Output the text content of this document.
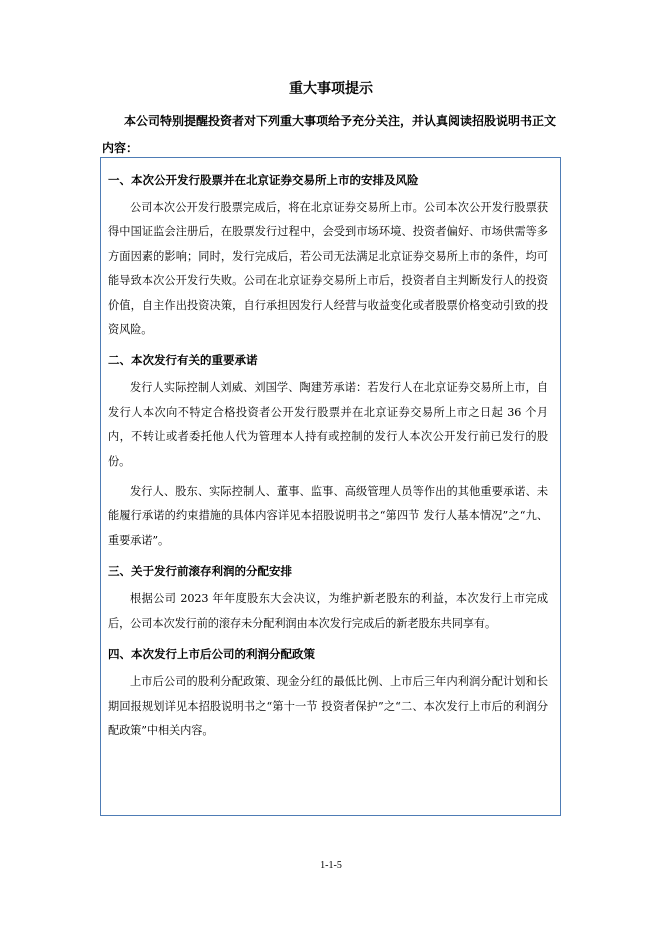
重大事项提示
本公司特别提醒投资者对下列重大事项给予充分关注，并认真阅读招股说明书正文内容：
一、本次公开发行股票并在北京证券交易所上市的安排及风险

公司本次公开发行股票完成后，将在北京证券交易所上市。公司本次公开发行股票获得中国证监会注册后，在股票发行过程中，会受到市场环境、投资者偏好、市场供需等多方面因素的影响；同时，发行完成后，若公司无法满足北京证券交易所上市的条件，均可能导致本次公开发行失败。公司在北京证券交易所上市后，投资者自主判断发行人的投资价值，自主作出投资决策，自行承担因发行人经营与收益变化或者股票价格变动引致的投资风险。

二、本次发行有关的重要承诺

发行人实际控制人刘威、刘国学、陶建芳承诺：若发行人在北京证券交易所上市，自发行人本次向不特定合格投资者公开发行股票并在北京证券交易所上市之日起 36 个月内，不转让或者委托他人代为管理本人持有或控制的发行人本次公开发行前已发行的股份。

发行人、股东、实际控制人、董事、监事、高级管理人员等作出的其他重要承诺、未能履行承诺的约束措施的具体内容详见本招股说明书之“第四节 发行人基本情况”之“九、重要承诺”。

三、关于发行前滚存利润的分配安排

根据公司 2023 年年度股东大会决议，为维护新老股东的利益，本次发行上市完成后，公司本次发行前的滚存未分配利润由本次发行完成后的新老股东共同享有。

四、本次发行上市后公司的利润分配政策

上市后公司的股利分配政策、现金分红的最低比例、上市后三年内利润分配计划和长期回报规划详见本招股说明书之“第十一节 投资者保护”之“二、本次发行上市后的利润分配政策”中相关内容。

1-1-5
